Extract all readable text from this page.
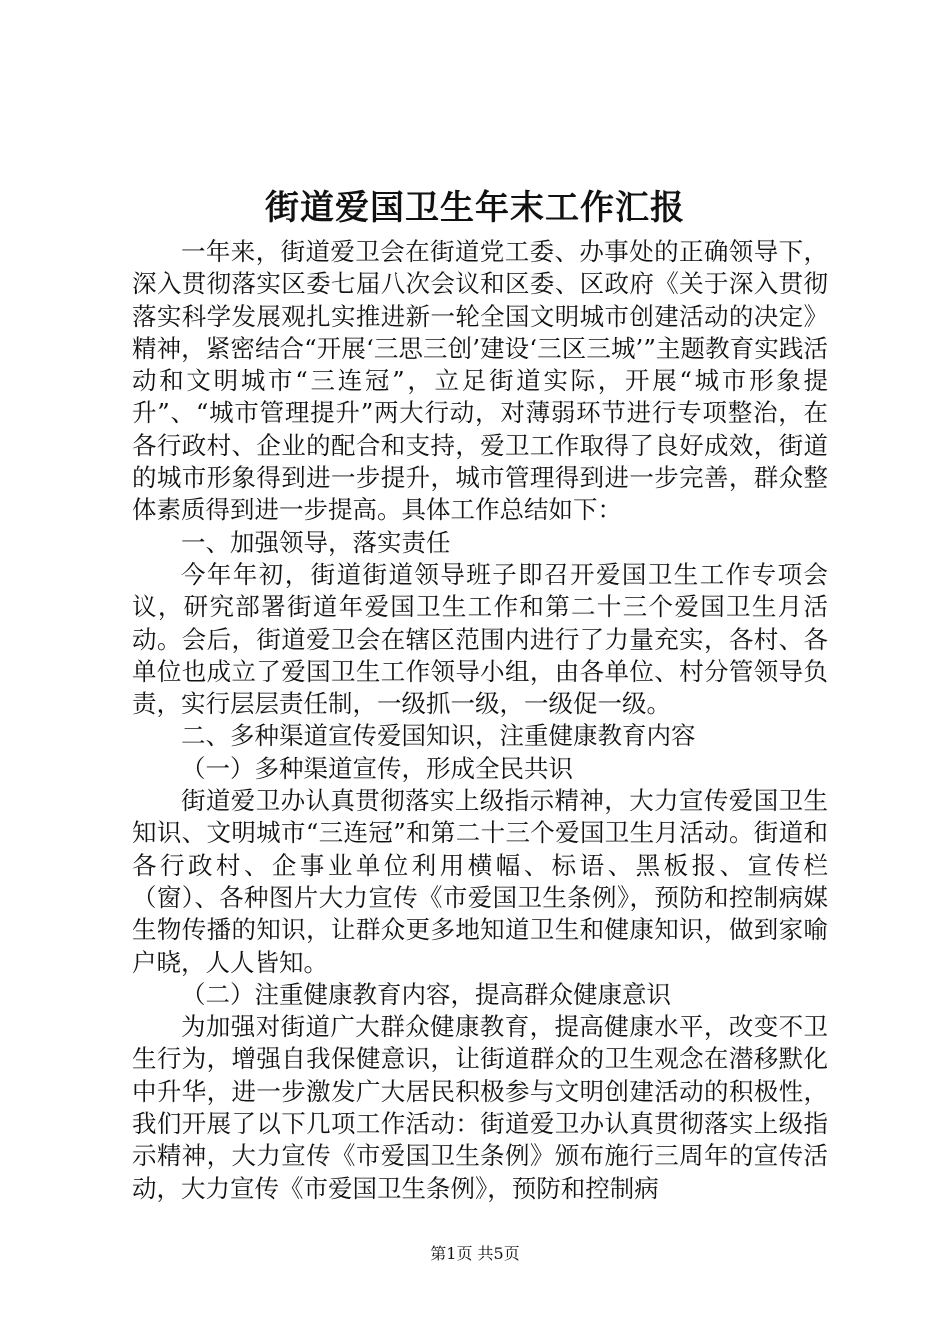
街道爱国卫生年末工作汇报

一年来，街道爱卫会在街道党工委、办事处的正确领导下，深入贯彻落实区委七届八次会议和区委、区政府《关于深入贯彻落实科学发展观扎实推进新一轮全国文明城市创建活动的决定》精神，紧密结合“开展‘三思三创’建设‘三区三城’”主题教育实践活动和文明城市“三连冠”，立足街道实际，开展“城市形象提升”、“城市管理提升”两大行动，对薄弱环节进行专项整治，在各行政村、企业的配合和支持，爱卫工作取得了良好成效，街道的城市形象得到进一步提升，城市管理得到进一步完善，群众整体素质得到进一步提高。具体工作总结如下：

一、加强领导，落实责任

今年年初，街道街道领导班子即召开爱国卫生工作专项会议，研究部署街道年爱国卫生工作和第二十三个爱国卫生月活动。会后，街道爱卫会在辖区范围内进行了力量充实，各村、各单位也成立了爱国卫生工作领导小组，由各单位、村分管领导负责，实行层层责任制，一级抓一级，一级促一级。

二、多种渠道宣传爱国知识，注重健康教育内容

（一）多种渠道宣传，形成全民共识

街道爱卫办认真贯彻落实上级指示精神，大力宣传爱国卫生知识、文明城市“三连冠”和第二十三个爱国卫生月活动。街道和各行政村、企事业单位利用横幅、标语、黑板报、宣传栏（窗）、各种图片大力宣传《市爱国卫生条例》，预防和控制病媒生物传播的知识，让群众更多地知道卫生和健康知识，做到家喻户晓，人人皆知。

（二）注重健康教育内容，提高群众健康意识

为加强对街道广大群众健康教育，提高健康水平，改变不卫生行为，增强自我保健意识，让街道群众的卫生观念在潜移默化中升华，进一步激发广大居民积极参与文明创建活动的积极性，我们开展了以下几项工作活动：街道爱卫办认真贯彻落实上级指示精神，大力宣传《市爱国卫生条例》颁布施行三周年的宣传活动，大力宣传《市爱国卫生条例》，预防和控制病

第1页 共5页
